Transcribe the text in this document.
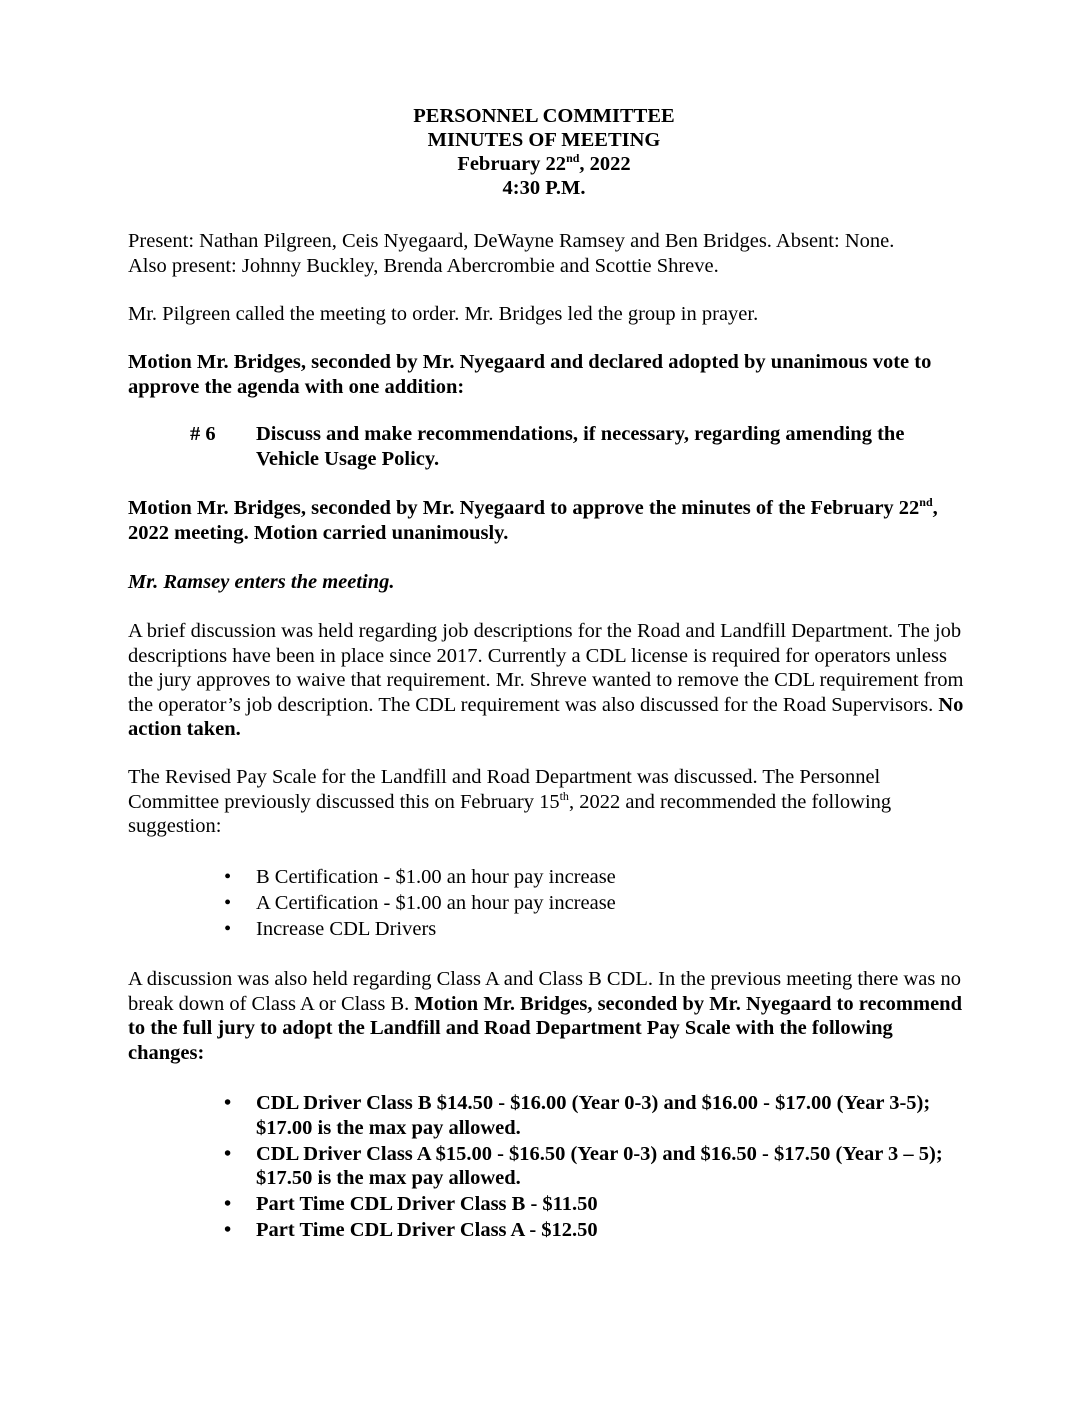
PERSONNEL COMMITTEE
MINUTES OF MEETING
February 22nd, 2022
4:30 P.M.
Present: Nathan Pilgreen, Ceis Nyegaard, DeWayne Ramsey and Ben Bridges. Absent: None.
Also present: Johnny Buckley, Brenda Abercrombie and Scottie Shreve.

Mr. Pilgreen called the meeting to order. Mr. Bridges led the group in prayer.

Motion Mr. Bridges, seconded by Mr. Nyegaard and declared adopted by unanimous vote to approve the agenda with one addition:

# 6	Discuss and make recommendations, if necessary, regarding amending the Vehicle Usage Policy.

Motion Mr. Bridges, seconded by Mr. Nyegaard to approve the minutes of the February 22nd, 2022 meeting. Motion carried unanimously.

Mr. Ramsey enters the meeting.

A brief discussion was held regarding job descriptions for the Road and Landfill Department. The job descriptions have been in place since 2017. Currently a CDL license is required for operators unless the jury approves to waive that requirement. Mr. Shreve wanted to remove the CDL requirement from the operator’s job description. The CDL requirement was also discussed for the Road Supervisors. No action taken.

The Revised Pay Scale for the Landfill and Road Department was discussed. The Personnel Committee previously discussed this on February 15th, 2022 and recommended the following suggestion:

• B Certification - $1.00 an hour pay increase
• A Certification - $1.00 an hour pay increase
• Increase CDL Drivers

A discussion was also held regarding Class A and Class B CDL. In the previous meeting there was no break down of Class A or Class B. Motion Mr. Bridges, seconded by Mr. Nyegaard to recommend to the full jury to adopt the Landfill and Road Department Pay Scale with the following changes:

• CDL Driver Class B $14.50 - $16.00 (Year 0-3) and $16.00 - $17.00 (Year 3-5); $17.00 is the max pay allowed.
• CDL Driver Class A $15.00 - $16.50 (Year 0-3) and $16.50 - $17.50 (Year 3 – 5); $17.50 is the max pay allowed.
• Part Time CDL Driver Class B - $11.50
• Part Time CDL Driver Class A - $12.50
